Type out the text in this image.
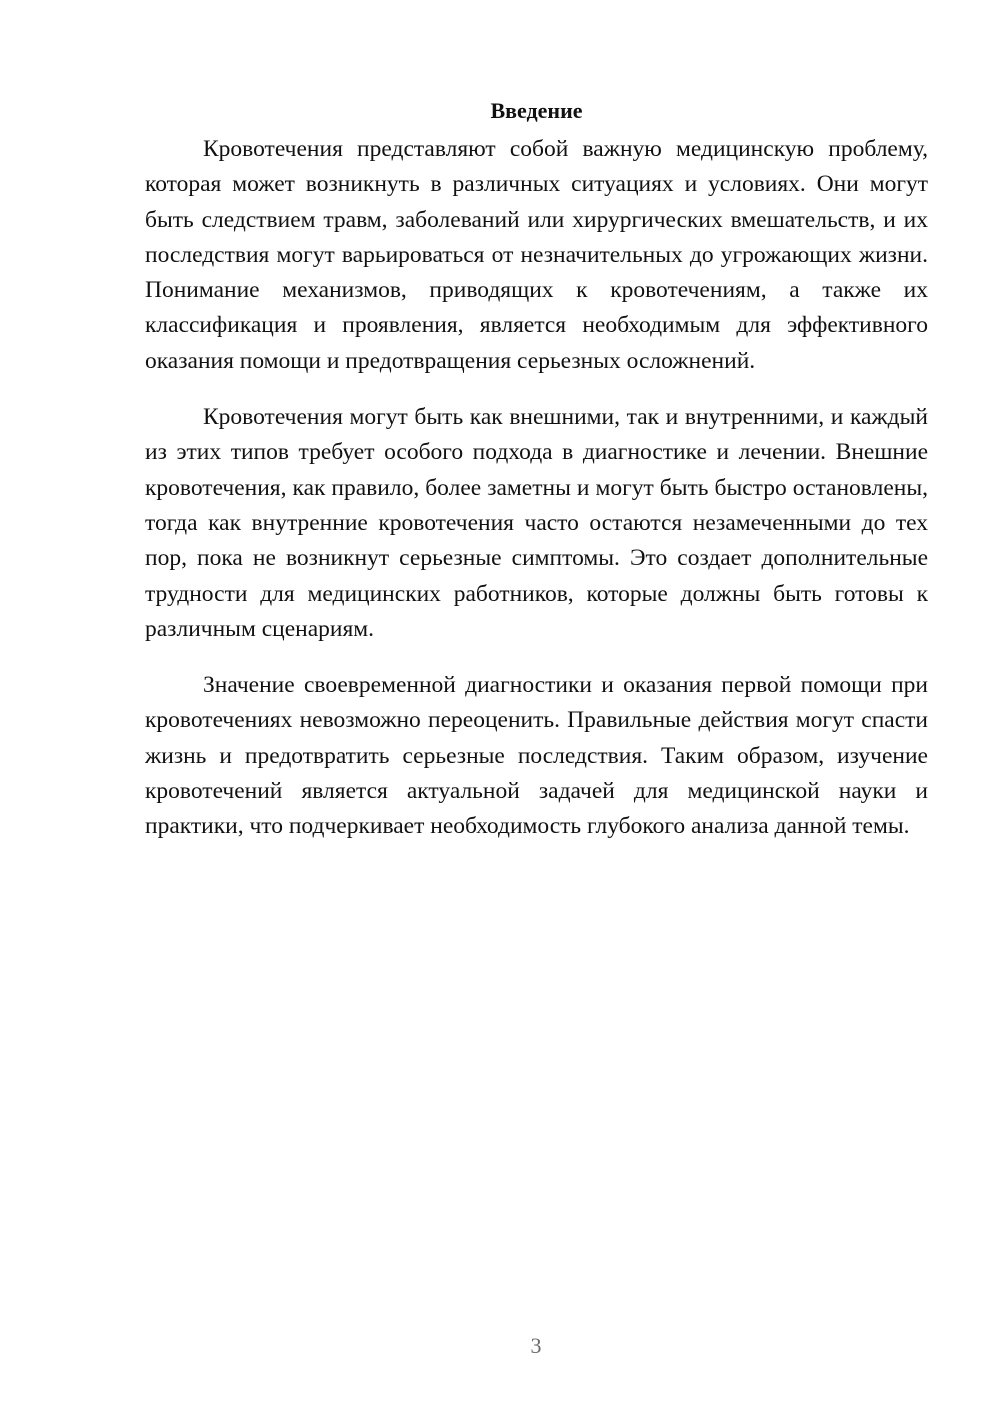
Введение

Кровотечения представляют собой важную медицинскую проблему, которая может возникнуть в различных ситуациях и условиях. Они могут быть следствием травм, заболеваний или хирургических вмешательств, и их последствия могут варьироваться от незначительных до угрожающих жизни. Понимание механизмов, приводящих к кровотечениям, а также их классификация и проявления, является необходимым для эффективного оказания помощи и предотвращения серьезных осложнений.

Кровотечения могут быть как внешними, так и внутренними, и каждый из этих типов требует особого подхода в диагностике и лечении. Внешние кровотечения, как правило, более заметны и могут быть быстро остановлены, тогда как внутренние кровотечения часто остаются незамеченными до тех пор, пока не возникнут серьезные симптомы. Это создает дополнительные трудности для медицинских работников, которые должны быть готовы к различным сценариям.

Значение своевременной диагностики и оказания первой помощи при кровотечениях невозможно переоценить. Правильные действия могут спасти жизнь и предотвратить серьезные последствия. Таким образом, изучение кровотечений является актуальной задачей для медицинской науки и практики, что подчеркивает необходимость глубокого анализа данной темы.

3
